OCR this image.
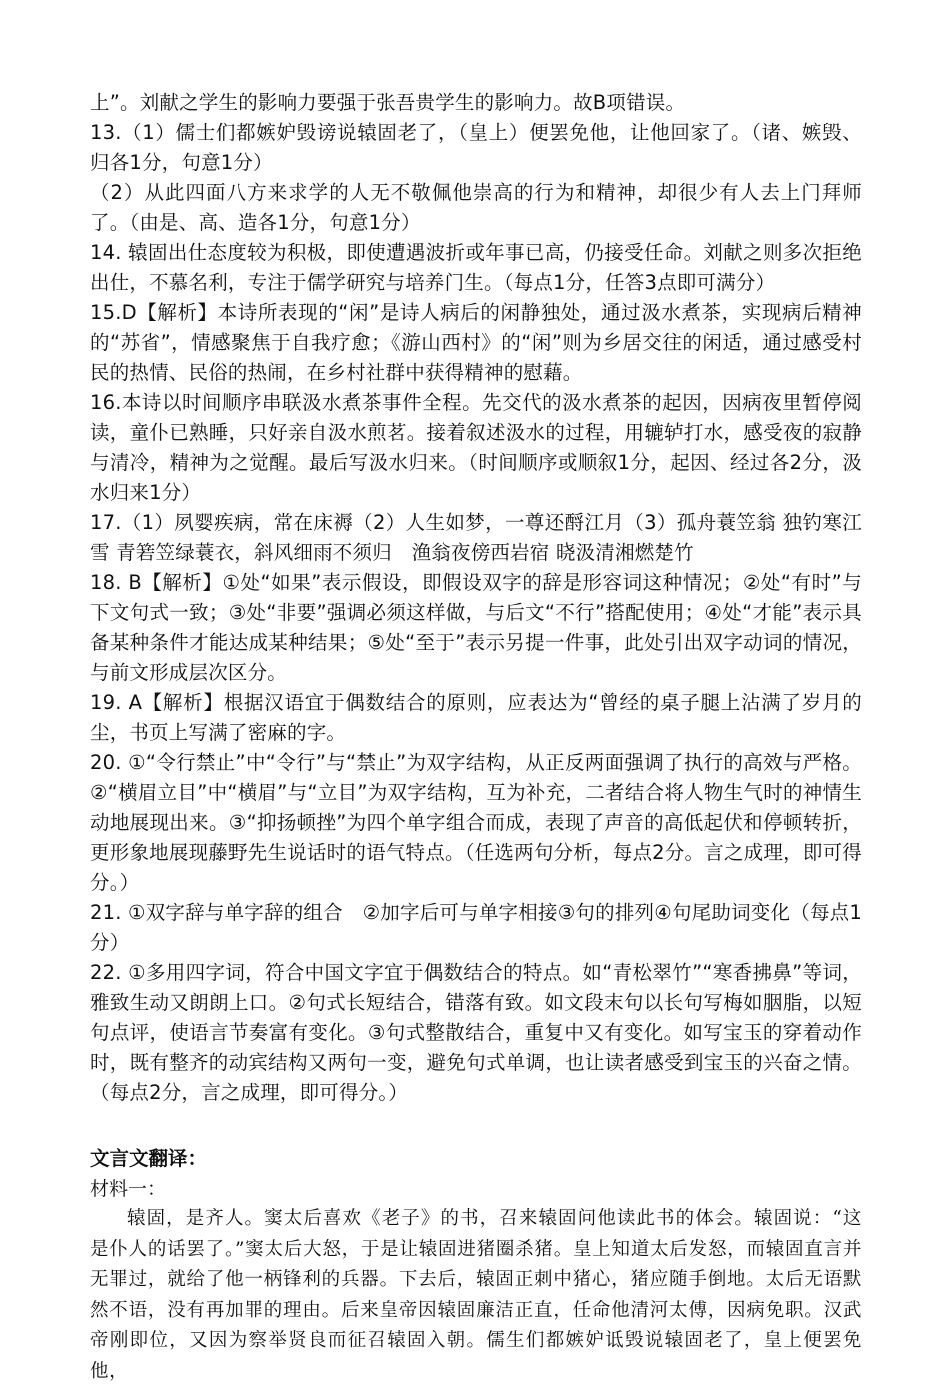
上”。刘献之学生的影响力要强于张吾贵学生的影响力。故B项错误。

13.（1）儒士们都嫉妒毁谤说辕固老了，（皇上）便罢免他，让他回家了。（诸、嫉毁、归各1分，句意1分）

（2）从此四面八方来求学的人无不敬佩他崇高的行为和精神，却很少有人去上门拜师了。（由是、高、造各1分，句意1分）

14. 辕固出仕态度较为积极，即使遭遇波折或年事已高，仍接受任命。刘献之则多次拒绝出仕，不慕名利，专注于儒学研究与培养门生。（每点1分，任答3点即可满分）

15.D【解析】本诗所表现的“闲”是诗人病后的闲静独处，通过汲水煮茶，实现病后精神的“苏省”，情感聚焦于自我疗愈；《游山西村》的“闲”则为乡居交往的闲适，通过感受村民的热情、民俗的热闹，在乡村社群中获得精神的慰藉。

16.本诗以时间顺序串联汲水煮茶事件全程。先交代的汲水煮茶的起因，因病夜里暂停阅读，童仆已熟睡，只好亲自汲水煎茗。接着叙述汲水的过程，用辘轳打水，感受夜的寂静与清冷，精神为之觉醒。最后写汲水归来。（时间顺序或顺叙1分，起因、经过各2分，汲水归来1分）

17.（1）夙婴疾病，常在床褥（2）人生如梦，一尊还酹江月（3）孤舟蓑笠翁 独钓寒江雪 青箬笠绿蓑衣，斜风细雨不须归　渔翁夜傍西岩宿 晓汲清湘燃楚竹

18. B【解析】①处“如果”表示假设，即假设双字的辞是形容词这种情况；②处“有时”与下文句式一致；③处“非要”强调必须这样做，与后文“不行”搭配使用；④处“才能”表示具备某种条件才能达成某种结果；⑤处“至于”表示另提一件事，此处引出双字动词的情况，与前文形成层次区分。

19. A【解析】根据汉语宜于偶数结合的原则，应表达为“曾经的桌子腿上沾满了岁月的尘，书页上写满了密麻的字。

20. ①“令行禁止”中“令行”与“禁止”为双字结构，从正反两面强调了执行的高效与严格。②“横眉立目”中“横眉”与“立目”为双字结构，互为补充，二者结合将人物生气时的神情生动地展现出来。③“抑扬顿挫”为四个单字组合而成，表现了声音的高低起伏和停顿转折，更形象地展现藤野先生说话时的语气特点。（任选两句分析，每点2分。言之成理，即可得分。）

21. ①双字辞与单字辞的组合　②加字后可与单字相接③句的排列④句尾助词变化（每点1分）

22. ①多用四字词，符合中国文字宜于偶数结合的特点。如“青松翠竹”“寒香拂鼻”等词，雅致生动又朗朗上口。②句式长短结合，错落有致。如文段末句以长句写梅如胭脂，以短句点评，使语言节奏富有变化。③句式整散结合，重复中又有变化。如写宝玉的穿着动作时，既有整齐的动宾结构又两句一变，避免句式单调，也让读者感受到宝玉的兴奋之情。（每点2分，言之成理，即可得分。）

文言文翻译：

材料一：

辕固，是齐人。窦太后喜欢《老子》的书，召来辕固问他读此书的体会。辕固说：“这是仆人的话罢了。”窦太后大怒，于是让辕固进猪圈杀猪。皇上知道太后发怒，而辕固直言并无罪过，就给了他一柄锋利的兵器。下去后，辕固正刺中猪心，猪应随手倒地。太后无语默然不语，没有再加罪的理由。后来皇帝因辕固廉洁正直，任命他清河太傅，因病免职。汉武帝刚即位，又因为察举贤良而征召辕固入朝。儒生们都嫉妒诋毁说辕固老了，皇上便罢免他，
